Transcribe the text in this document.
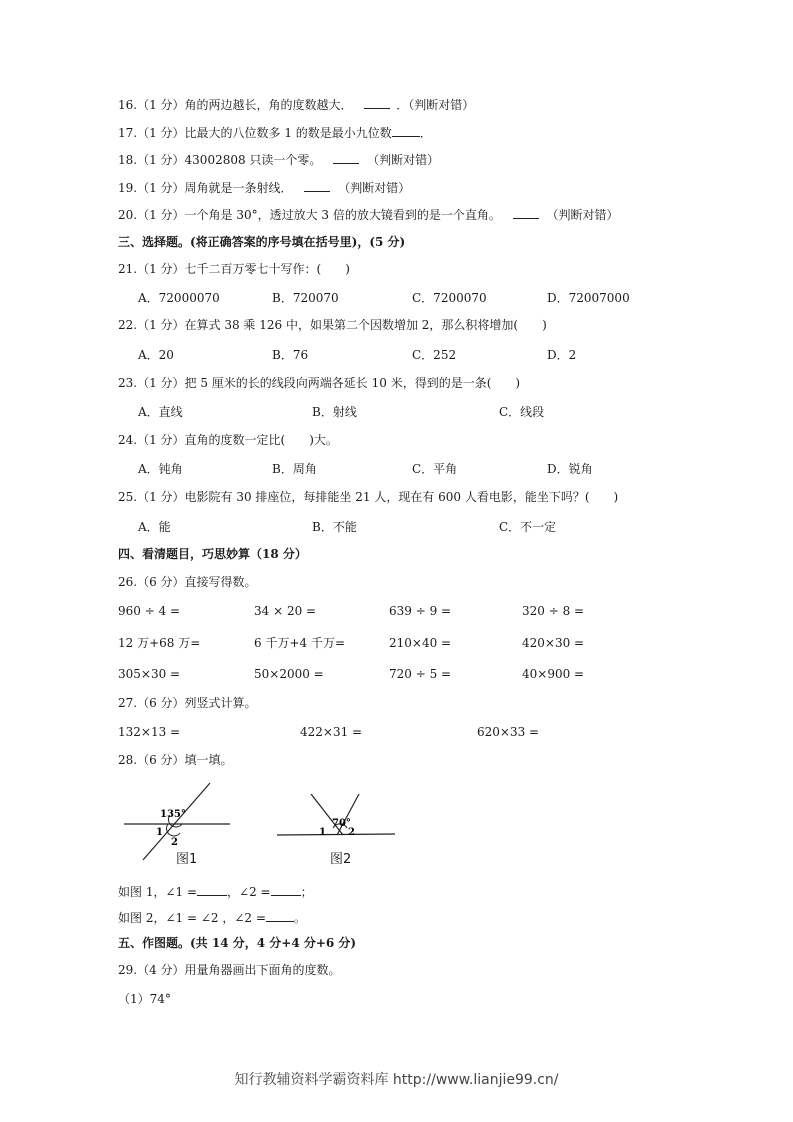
16.（1 分）角的两边越长，角的度数越大．	．（判断对错）
17.（1 分）比最大的八位数多 1 的数是最小九位数 ．
18.（1 分）43002808 只读一个零。	（判断对错）
19.（1 分）周角就是一条射线．	（判断对错）
20.（1 分）一个角是 30°，透过放大 3 倍的放大镜看到的是一个直角。	（判断对错）
三、选择题。(将正确答案的序号填在括号里)，(5 分)
21.（1 分）七千二百万零七十写作：(　　)
A．72000070	B．720070	C．7200070	D．72007000
22.（1 分）在算式 38 乘 126 中，如果第二个因数增加 2，那么积将增加(　　)
A．20	B．76	C．252	D．2
23.（1 分）把 5 厘米的长的线段向两端各延长 10 米，得到的是一条(　　)
A．直线	B．射线	C．线段
24.（1 分）直角的度数一定比(　　)大。
A．钝角	B．周角	C．平角	D．锐角
25.（1 分）电影院有 30 排座位，每排能坐 21 人，现在有 600 人看电影，能坐下吗？(　　)
A．能	B．不能	C．不一定
四、看清题目，巧思妙算（18 分）
26.（6 分）直接写得数。
960 ÷ 4 =	34 × 20 =	639 ÷ 9 =	320 ÷ 8 =
12 万+68 万=	6 千万+4 千万=	210×40 =	420×30 =
305×30 =	50×2000 =	720 ÷ 5 =	40×900 =
27.（6 分）列竖式计算。
132×13 =	422×31 =	620×33 =
28.（6 分）填一填。
135°
1
2
图1
70°
1 2
图2
如图 1，∠1 =	，∠2 =	；
如图 2，∠1 = ∠2 ，∠2 = 。
五、作图题。(共 14 分，4 分+4 分+6 分)
29.（4 分）用量角器画出下面角的度数。
（1）74°
知行教辅资料学霸资料库 http://www.lianjie99.cn/
